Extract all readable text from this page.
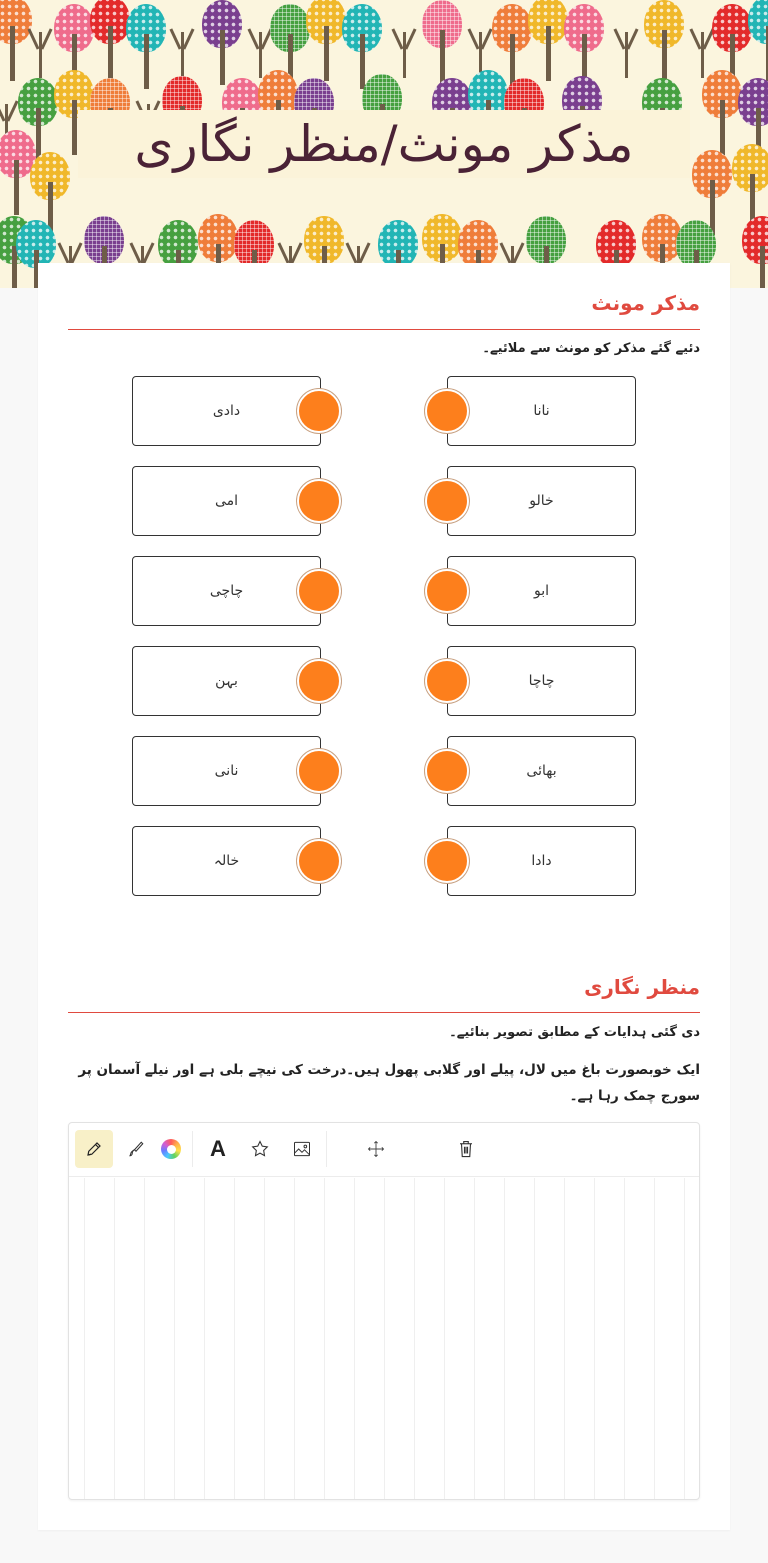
مذکر مونث/منظر نگاری
مذکر مونث
دئیے گئے مذکر کو مونث سے ملائیے۔
دادی
امی
چاچی
بہن
نانی
خالہ
نانا
خالو
ابو
چاچا
بھائی
دادا
منظر نگاری
دی گئی ہدایات کے مطابق تصویر بنائیے۔
ایک خوبصورت باغ میں لال، پیلے اور گلابی پھول ہیں۔درخت کی نیچے بلی ہے اور نیلے آسمان پر سورج چمک رہا ہے۔
A
